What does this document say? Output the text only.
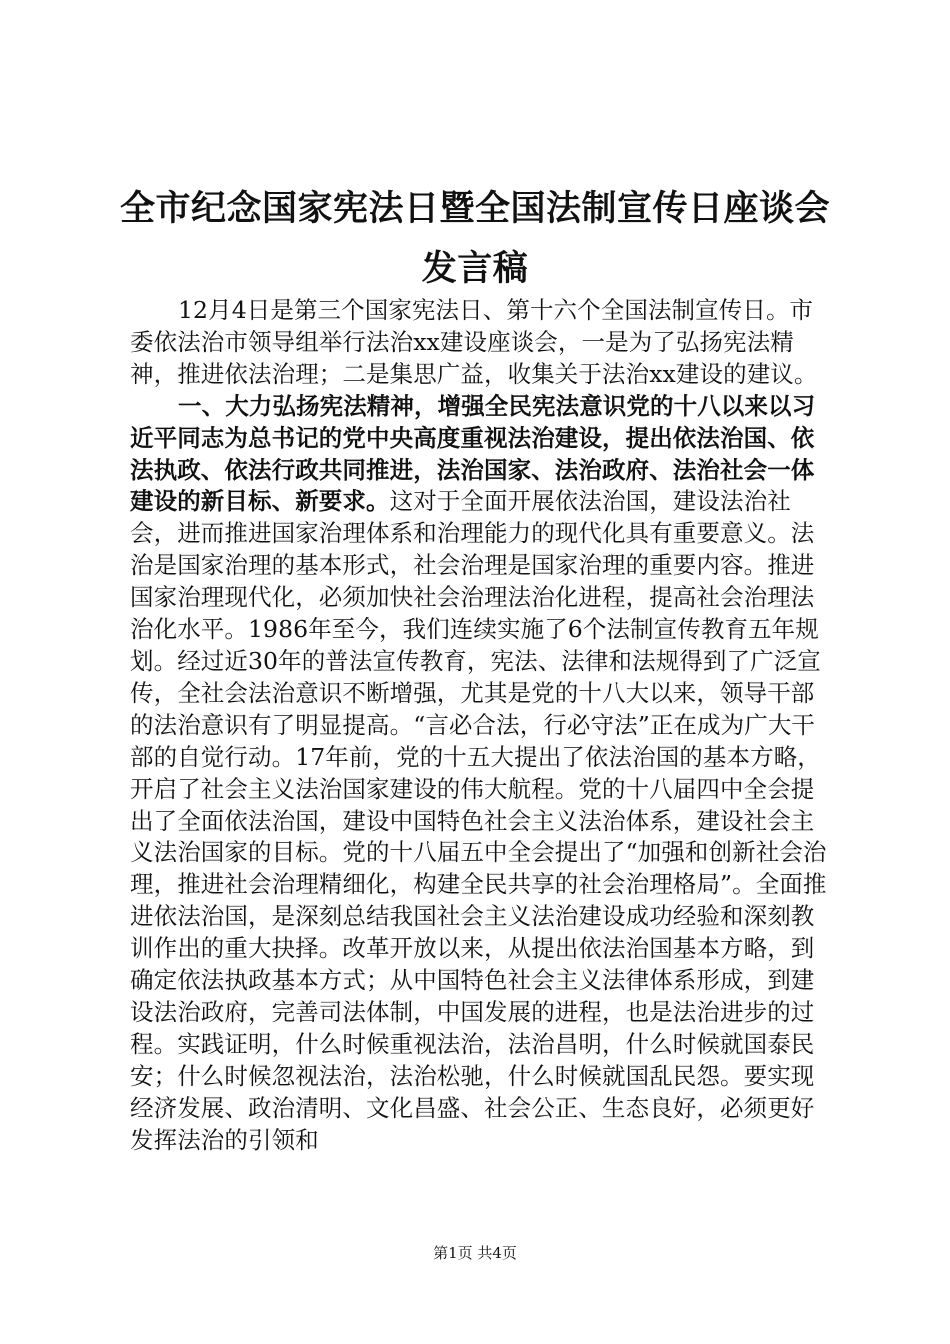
全市纪念国家宪法日暨全国法制宣传日座谈会
发言稿

12月4日是第三个国家宪法日、第十六个全国法制宣传日。市委依法治市领导组举行法治xx建设座谈会，一是为了弘扬宪法精神，推进依法治理；二是集思广益，收集关于法治xx建设的建议。

一、大力弘扬宪法精神，增强全民宪法意识党的十八以来以习近平同志为总书记的党中央高度重视法治建设，提出依法治国、依法执政、依法行政共同推进，法治国家、法治政府、法治社会一体建设的新目标、新要求。这对于全面开展依法治国，建设法治社会，进而推进国家治理体系和治理能力的现代化具有重要意义。法治是国家治理的基本形式，社会治理是国家治理的重要内容。推进国家治理现代化，必须加快社会治理法治化进程，提高社会治理法治化水平。1986年至今，我们连续实施了6个法制宣传教育五年规划。经过近30年的普法宣传教育，宪法、法律和法规得到了广泛宣传，全社会法治意识不断增强，尤其是党的十八大以来，领导干部的法治意识有了明显提高。“言必合法，行必守法”正在成为广大干部的自觉行动。17年前，党的十五大提出了依法治国的基本方略，开启了社会主义法治国家建设的伟大航程。党的十八届四中全会提出了全面依法治国，建设中国特色社会主义法治体系，建设社会主义法治国家的目标。党的十八届五中全会提出了“加强和创新社会治理，推进社会治理精细化，构建全民共享的社会治理格局”。全面推进依法治国，是深刻总结我国社会主义法治建设成功经验和深刻教训作出的重大抉择。改革开放以来，从提出依法治国基本方略，到确定依法执政基本方式；从中国特色社会主义法律体系形成，到建设法治政府，完善司法体制，中国发展的进程，也是法治进步的过程。实践证明，什么时候重视法治，法治昌明，什么时候就国泰民安；什么时候忽视法治，法治松驰，什么时候就国乱民怨。要实现经济发展、政治清明、文化昌盛、社会公正、生态良好，必须更好发挥法治的引领和

第1页 共4页
